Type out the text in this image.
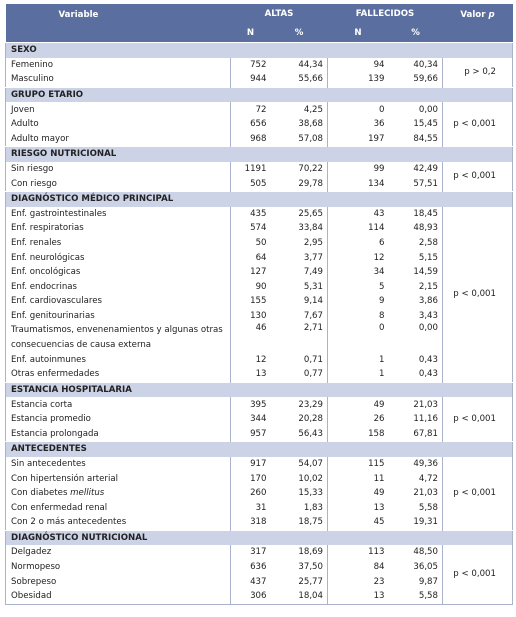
Variable	ALTAS		FALLECIDOS		Valor p
	N	%	N	%	
SEXO					
Femenino	752	44,34	94	40,34	p > 0,2
Masculino	944	55,66	139	59,66	
GRUPO ETARIO					
Joven	72	4,25	0	0,00	p < 0,001
Adulto	656	38,68	36	15,45	
Adulto mayor	968	57,08	197	84,55	
RIESGO NUTRICIONAL					
Sin riesgo	1191	70,22	99	42,49	p < 0,001
Con riesgo	505	29,78	134	57,51	
DIAGNÓSTICO MÉDICO PRINCIPAL					
Enf. gastrointestinales	435	25,65	43	18,45	p < 0,001
Enf. respiratorias	574	33,84	114	48,93	
Enf. renales	50	2,95	6	2,58	
Enf. neurológicas	64	3,77	12	5,15	
Enf. oncológicas	127	7,49	34	14,59	
Enf. endocrinas	90	5,31	5	2,15	
Enf. cardiovasculares	155	9,14	9	3,86	
Enf. genitourinarias	130	7,67	8	3,43	
Traumatismos, envenenamientos y algunas otras consecuencias de causa externa	46	2,71	0	0,00	
Enf. autoinmunes	12	0,71	1	0,43	
Otras enfermedades	13	0,77	1	0,43	
ESTANCIA HOSPITALARIA					
Estancia corta	395	23,29	49	21,03	p < 0,001
Estancia promedio	344	20,28	26	11,16	
Estancia prolongada	957	56,43	158	67,81	
ANTECEDENTES					
Sin antecedentes	917	54,07	115	49,36	p < 0,001
Con hipertensión arterial	170	10,02	11	4,72	
Con diabetes mellitus	260	15,33	49	21,03	
Con enfermedad renal	31	1,83	13	5,58	
Con 2 o más antecedentes	318	18,75	45	19,31	
DIAGNÓSTICO NUTRICIONAL					
Delgadez	317	18,69	113	48,50	p < 0,001
Normopeso	636	37,50	84	36,05	
Sobrepeso	437	25,77	23	9,87	
Obesidad	306	18,04	13	5,58	
